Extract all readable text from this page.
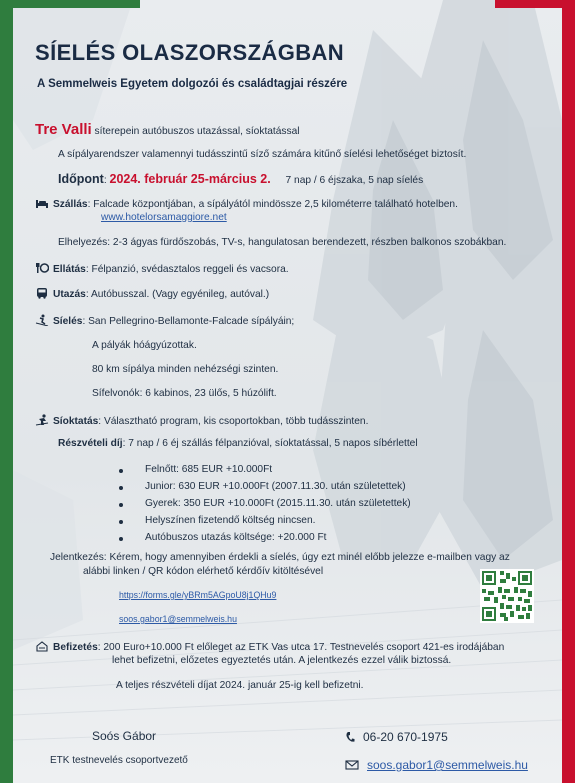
SÍELÉS OLASZORSZÁGBAN
A Semmelweis Egyetem dolgozói és családtagjai részére
Tre Valli síterepein autóbuszos utazással, síoktatással
A sípályarendszer valamennyi tudásszintű síző számára kitűnő síelési lehetőséget biztosít.
Időpont: 2024. február 25-március 2. 7 nap / 6 éjszaka, 5 nap síelés
Szállás: Falcade központjában, a sípályától mindössze 2,5 kilométerre található hotelben.
www.hotelorsamaggiore.net
Elhelyezés: 2-3 ágyas fürdőszobás, TV-s, hangulatosan berendezett, részben balkonos szobákban.
Ellátás: Félpanzió, svédasztalos reggeli és vacsora.
Utazás: Autóbusszal. (Vagy egyénileg, autóval.)
Síelés: San Pellegrino-Bellamonte-Falcade sípályáin;
A pályák hóágyúzottak.
80 km sípálya minden nehézségi szinten.
Sífelvonók: 6 kabinos, 23 ülős, 5 húzólift.
Síoktatás: Választható program, kis csoportokban, több tudásszinten.
Részvételi díj: 7 nap / 6 éj szállás félpanzióval, síoktatással, 5 napos síbérlettel
Felnőtt: 685 EUR +10.000Ft
Junior: 630 EUR +10.000Ft (2007.11.30. után születettek)
Gyerek: 350 EUR +10.000Ft (2015.11.30. után születettek)
Helyszínen fizetendő költség nincsen.
Autóbuszos utazás költsége: +20.000 Ft
Jelentkezés: Kérem, hogy amennyiben érdekli a síelés, úgy ezt minél előbb jelezze e-mailben vagy az
alábbi linken / QR kódon elérhető kérdőív kitöltésével
https://forms.gle/yBRm5AGpoU8j1QHu9
soos.gabor1@semmelweis.hu
Befizetés: 200 Euro+10.000 Ft előleget az ETK Vas utca 17. Testnevelés csoport 421-es irodájában
lehet befizetni, előzetes egyeztetés után. A jelentkezés ezzel válik biztossá.
A teljes részvételi díjat 2024. január 25-ig kell befizetni.
Soós Gábor
ETK testnevelés csoportvezető
06-20 670-1975
soos.gabor1@semmelweis.hu
